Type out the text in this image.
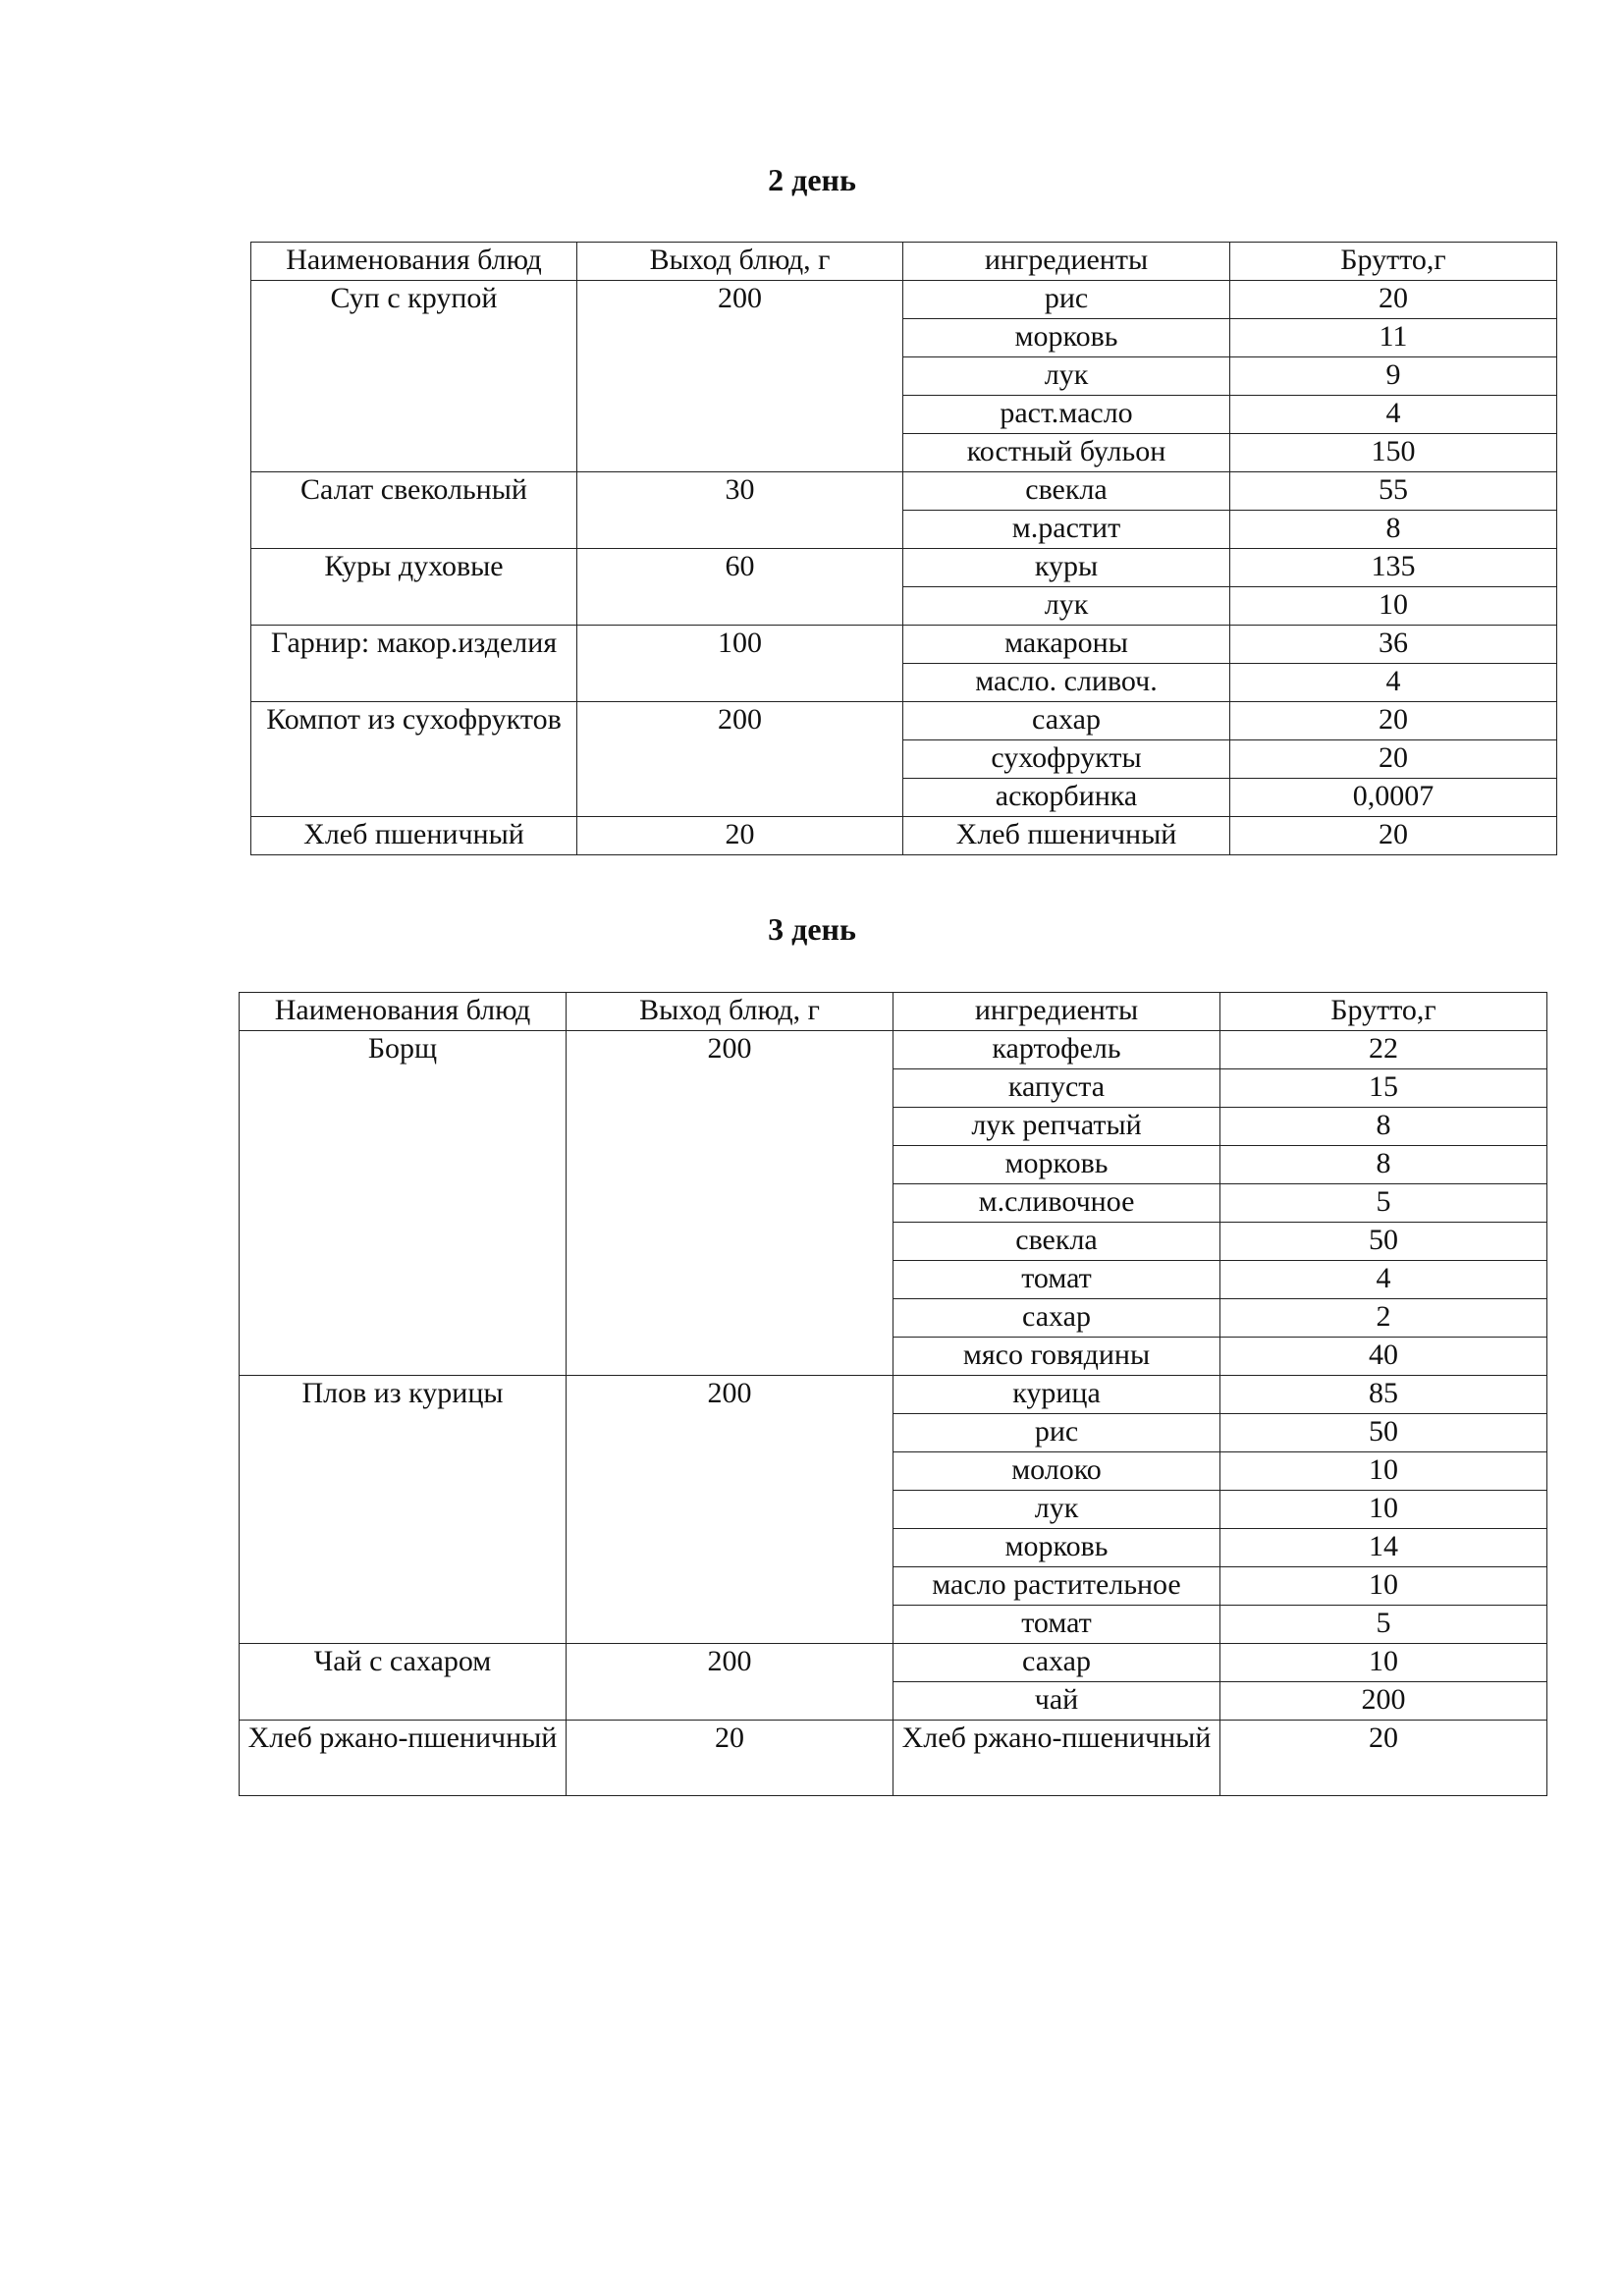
2 день
Наименования блюд	Выход блюд, г	ингредиенты	Брутто,г
Суп с крупой	200	рис	20
		морковь	11
		лук	9
		раст.масло	4
		костный бульон	150
Салат свекольный	30	свекла	55
		м.растит	8
Куры духовые	60	куры	135
		лук	10
Гарнир: макор.изделия	100	макароны	36
		масло. сливоч.	4
Компот из сухофруктов	200	сахар	20
		сухофрукты	20
		аскорбинка	0,0007
Хлеб пшеничный	20	Хлеб пшеничный	20
3 день
Наименования блюд	Выход блюд, г	ингредиенты	Брутто,г
Борщ	200	картофель	22
		капуста	15
		лук репчатый	8
		морковь	8
		м.сливочное	5
		свекла	50
		томат	4
		сахар	2
		мясо говядины	40
Плов из курицы	200	курица	85
		рис	50
		молоко	10
		лук	10
		морковь	14
		масло растительное	10
		томат	5
Чай с сахаром	200	сахар	10
		чай	200
Хлеб ржано-пшеничный	20	Хлеб ржано-пшеничный	20
